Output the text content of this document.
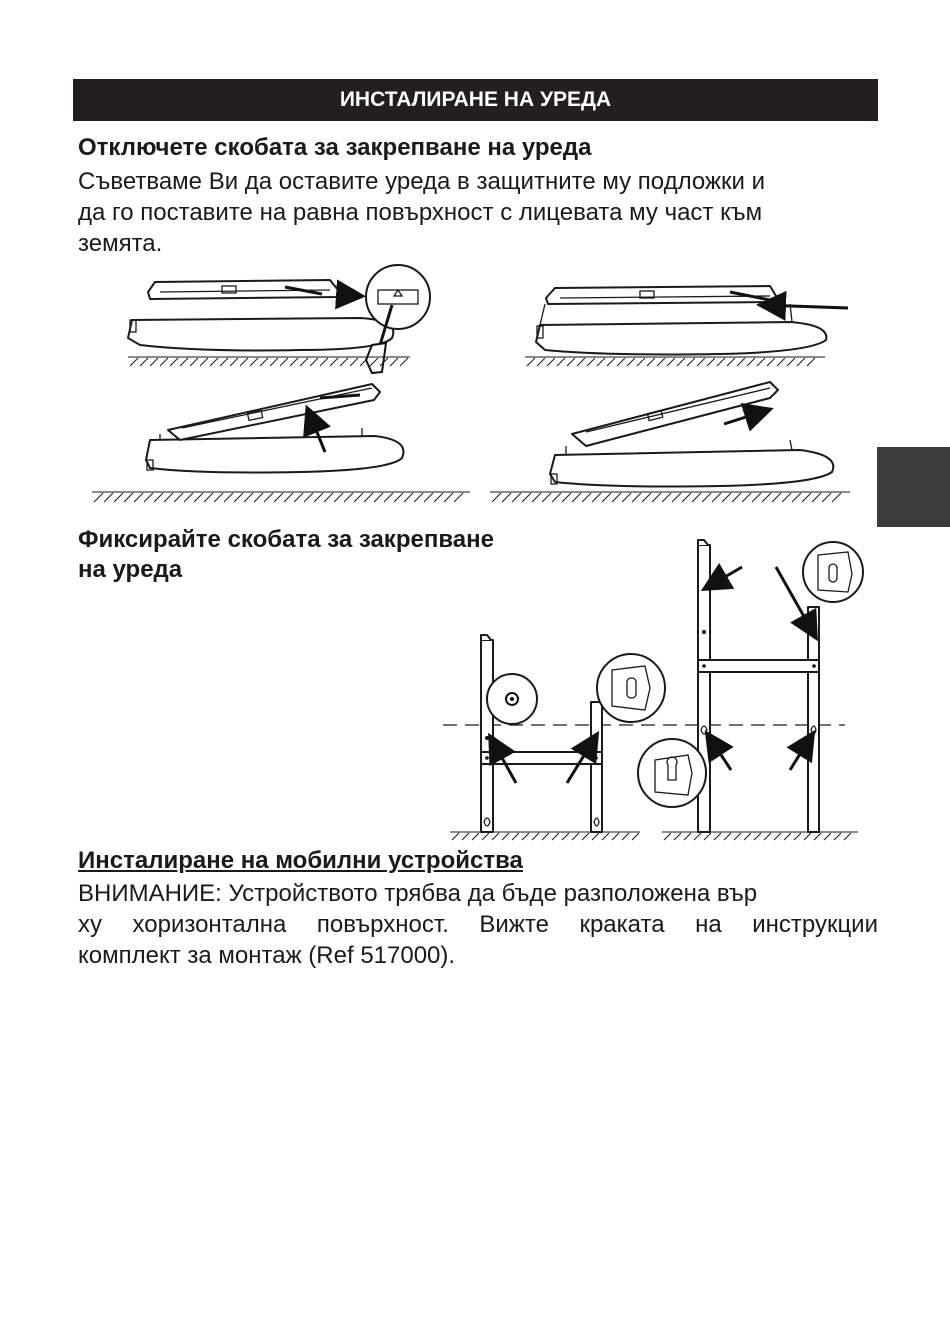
ИНСТАЛИРАНЕ НА УРЕДА
Отключете скобата за закрепване на уреда
Съветваме Ви да оставите уреда в защитните му подложки и
да го поставите на равна повърхност с лицевата му част към
земята.
Фиксирайте скобата за закрепване
на уреда
Инсталиране на мобилни устройства
ВНИМАНИЕ: Устройството трябва да бъде разположена вър
ху хоризонтална повърхност. Вижте краката на инструкции
комплект за монтаж (Ref 517000).
